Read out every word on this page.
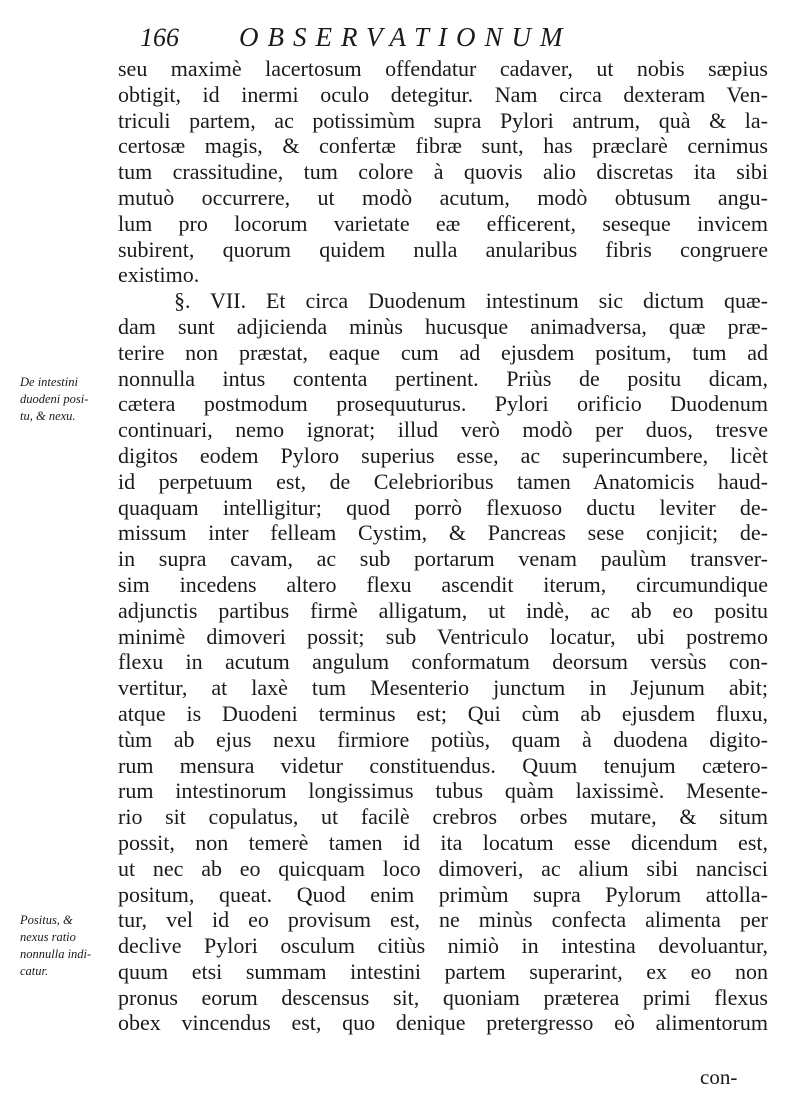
166 OBSERVATIONUM
De intestini
duodeni posi-
tu, & nexu.
Positus, &
nexus ratio
nonnulla indi-
catur.
seu maximè lacertosum offendatur cadaver, ut nobis sæpius
obtigit, id inermi oculo detegitur. Nam circa dexteram Ven-
triculi partem, ac potissimùm supra Pylori antrum, quà & la-
certosæ magis, & confertæ fibræ sunt, has præclarè cernimus
tum crassitudine, tum colore à quovis alio discretas ita sibi
mutuò occurrere, ut modò acutum, modò obtusum angu-
lum pro locorum varietate eæ efficerent, seseque invicem
subirent, quorum quidem nulla anularibus fibris congruere
existimo.
§. VII. Et circa Duodenum intestinum sic dictum quæ-
dam sunt adjicienda minùs hucusque animadversa, quæ præ-
terire non præstat, eaque cum ad ejusdem positum, tum ad
nonnulla intus contenta pertinent. Priùs de positu dicam,
cætera postmodum prosequuturus. Pylori orificio Duodenum
continuari, nemo ignorat; illud verò modò per duos, tresve
digitos eodem Pyloro superius esse, ac superincumbere, licèt
id perpetuum est, de Celebrioribus tamen Anatomicis haud-
quaquam intelligitur; quod porrò flexuoso ductu leviter de-
missum inter felleam Cystim, & Pancreas sese conjicit; de-
in supra cavam, ac sub portarum venam paulùm transver-
sim incedens altero flexu ascendit iterum, circumundique
adjunctis partibus firmè alligatum, ut indè, ac ab eo positu
minimè dimoveri possit; sub Ventriculo locatur, ubi postremo
flexu in acutum angulum conformatum deorsum versùs con-
vertitur, at laxè tum Mesenterio junctum in Jejunum abit;
atque is Duodeni terminus est; Qui cùm ab ejusdem fluxu,
tùm ab ejus nexu firmiore potiùs, quam à duodena digito-
rum mensura videtur constituendus. Quum tenujum cætero-
rum intestinorum longissimus tubus quàm laxissimè. Mesente-
rio sit copulatus, ut facilè crebros orbes mutare, & situm
possit, non temerè tamen id ita locatum esse dicendum est,
ut nec ab eo quicquam loco dimoveri, ac alium sibi nancisci
positum, queat. Quod enim primùm supra Pylorum attolla-
tur, vel id eo provisum est, ne minùs confecta alimenta per
declive Pylori osculum citiùs nimiò in intestina devoluantur,
quum etsi summam intestini partem superarint, ex eo non
pronus eorum descensus sit, quoniam præterea primi flexus
obex vincendus est, quo denique pretergresso eò alimentorum
con-
